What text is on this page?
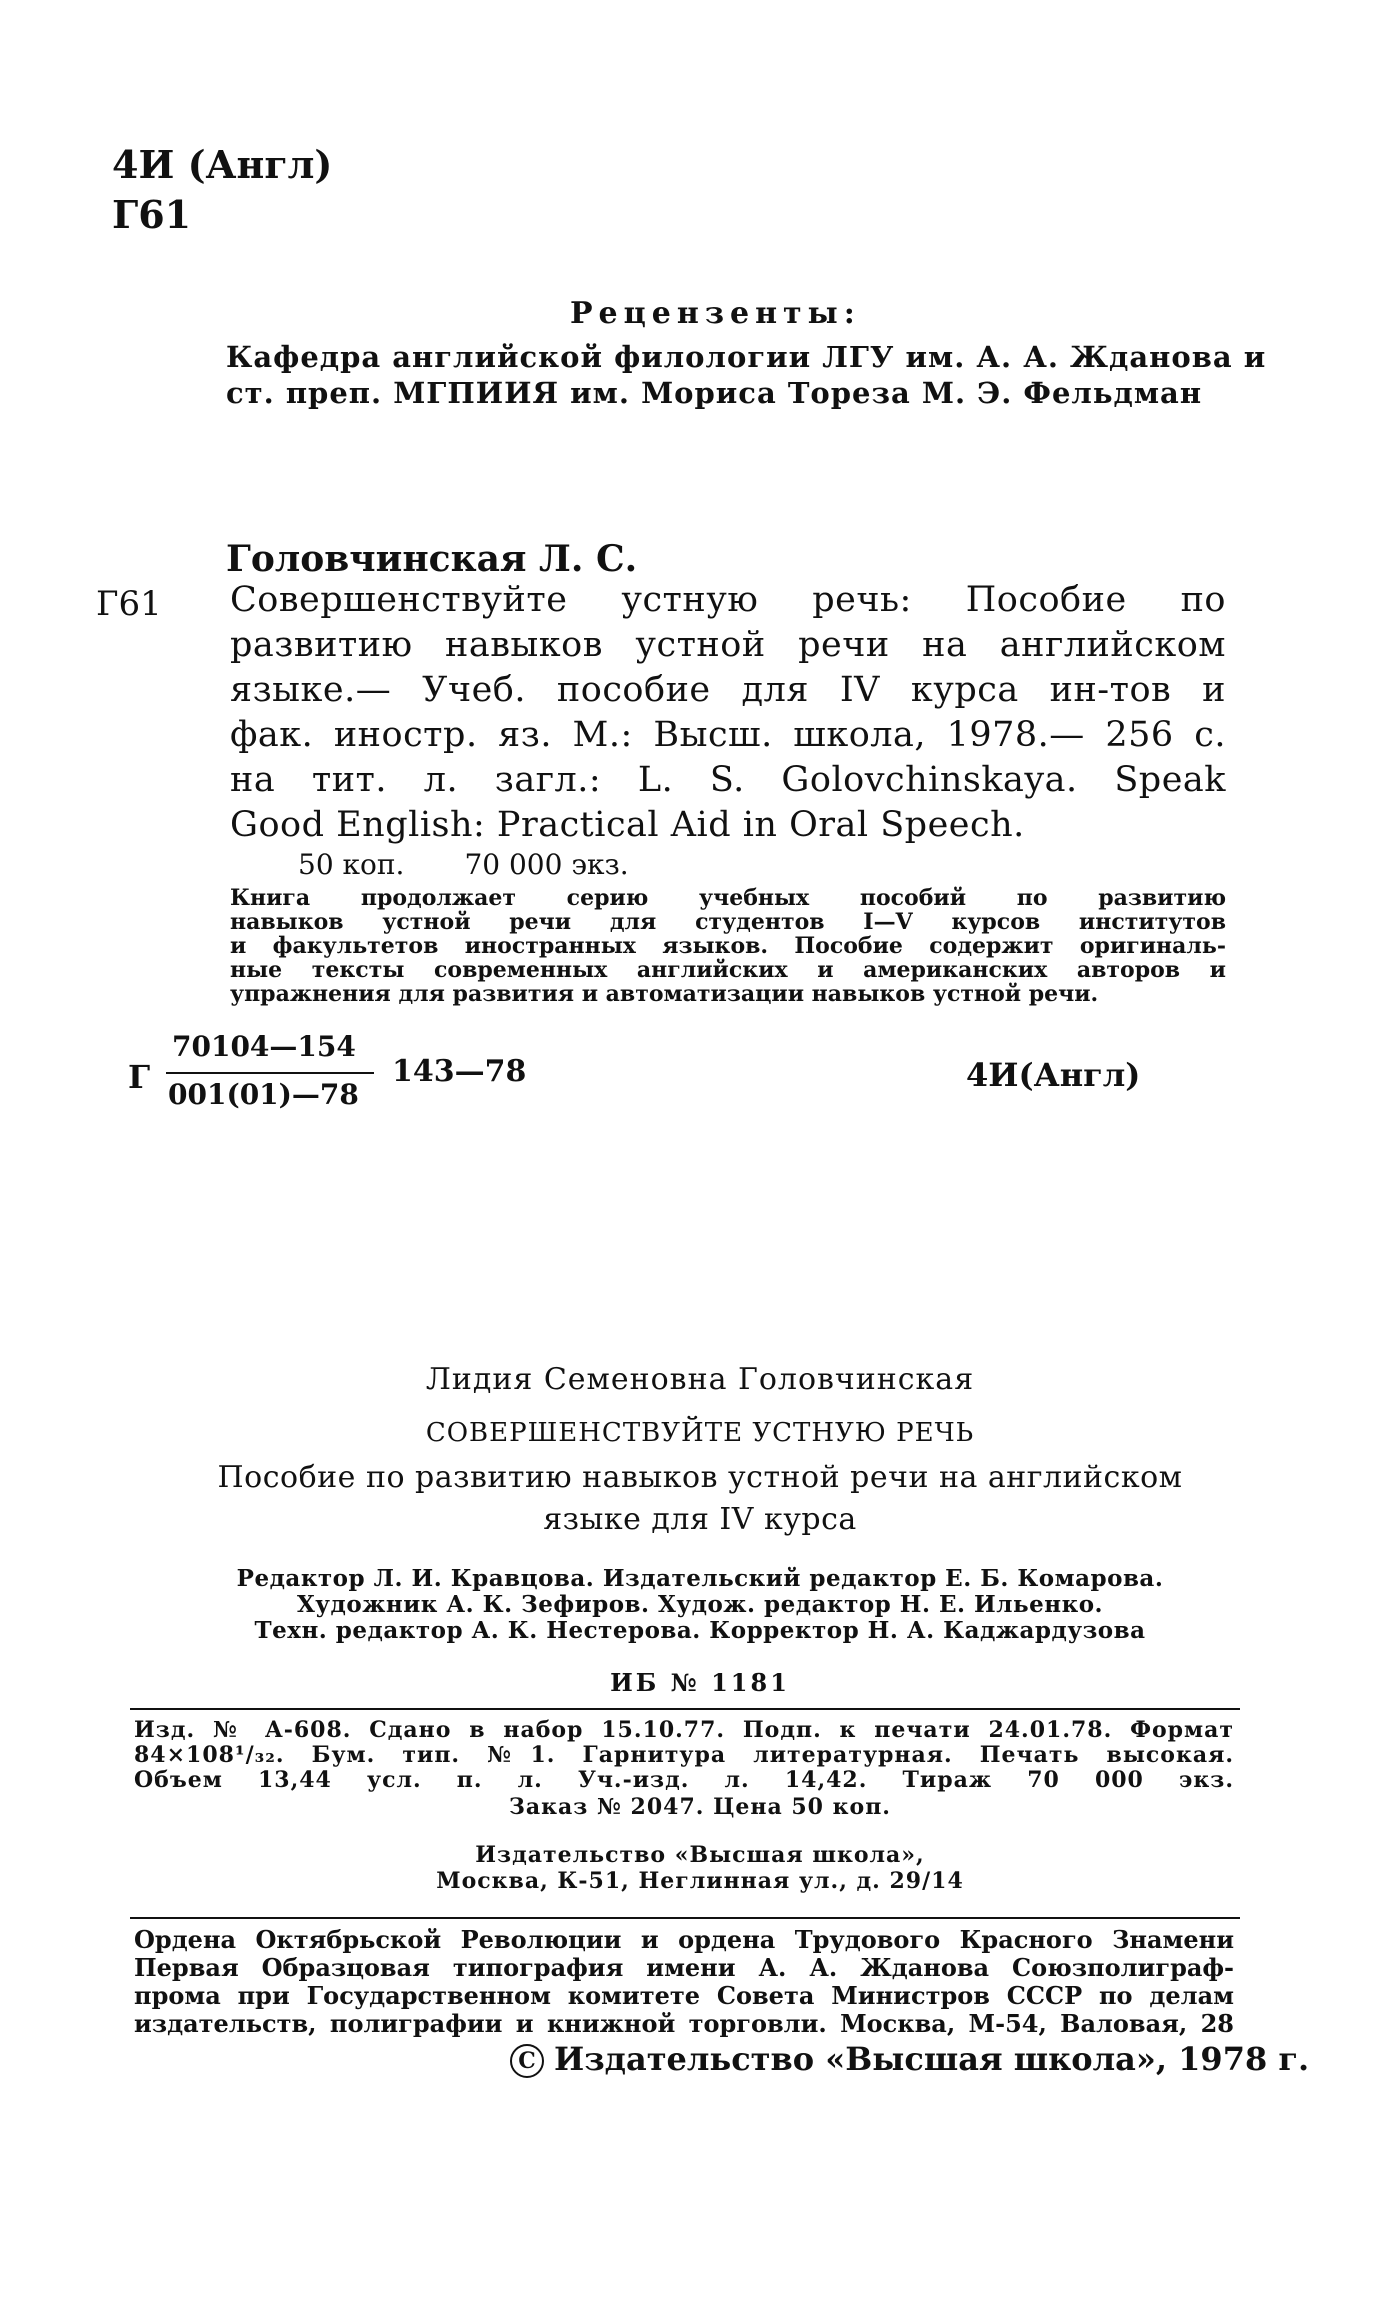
4И (Англ)
Г61
Рецензенты:
Кафедра английской филологии ЛГУ им. А. А. Жданова и
ст. преп. МГПИИЯ им. Мориса Тореза М. Э. Фельдман
Головчинская Л. С.
Г61 Совершенствуйте устную речь: Пособие по
развитию навыков устной речи на английском
языке.— Учеб. пособие для IV курса ин-тов и
фак. иностр. яз. М.: Высш. школа, 1978.— 256 с.
на тит. л. загл.: L. S. Golovchinskaya. Speak
Good English: Practical Aid in Oral Speech.
50 коп. 70 000 экз.
Книга продолжает серию учебных пособий по развитию
навыков устной речи для студентов I—V курсов институтов
и факультетов иностранных языков. Пособие содержит оригиналь-
ные тексты современных английских и американских авторов и
упражнения для развития и автоматизации навыков устной речи.
Г
70104—154
001(01)—78
143—78	4И(Англ)
Лидия Семеновна Головчинская
СОВЕРШЕНСТВУЙТЕ УСТНУЮ РЕЧЬ
Пособие по развитию навыков устной речи на английском
языке для IV курса
Редактор Л. И. Кравцова. Издательский редактор Е. Б. Комарова.
Художник А. К. Зефиров. Худож. редактор Н. Е. Ильенко.
Техн. редактор А. К. Нестерова. Корректор Н. А. Каджардузова
ИБ № 1181
Изд. № А-608. Сдано в набор 15.10.77. Подп. к печати 24.01.78. Формат
84×108¹/₃₂. Бум. тип. №1. Гарнитура литературная. Печать высокая.
Объем 13,44 усл. п. л. Уч.-изд. л. 14,42. Тираж 70 000 экз.
Заказ № 2047. Цена 50 коп.
Издательство «Высшая школа»,
Москва, К-51, Неглинная ул., д. 29/14
Ордена Октябрьской Революции и ордена Трудового Красного Знамени
Первая Образцовая типография имени А. А. Жданова Союзполиграф-
прома при Государственном комитете Совета Министров СССР по делам
издательств, полиграфии и книжной торговли. Москва, М-54, Валовая, 28
C Издательство «Высшая школа», 1978 г.
